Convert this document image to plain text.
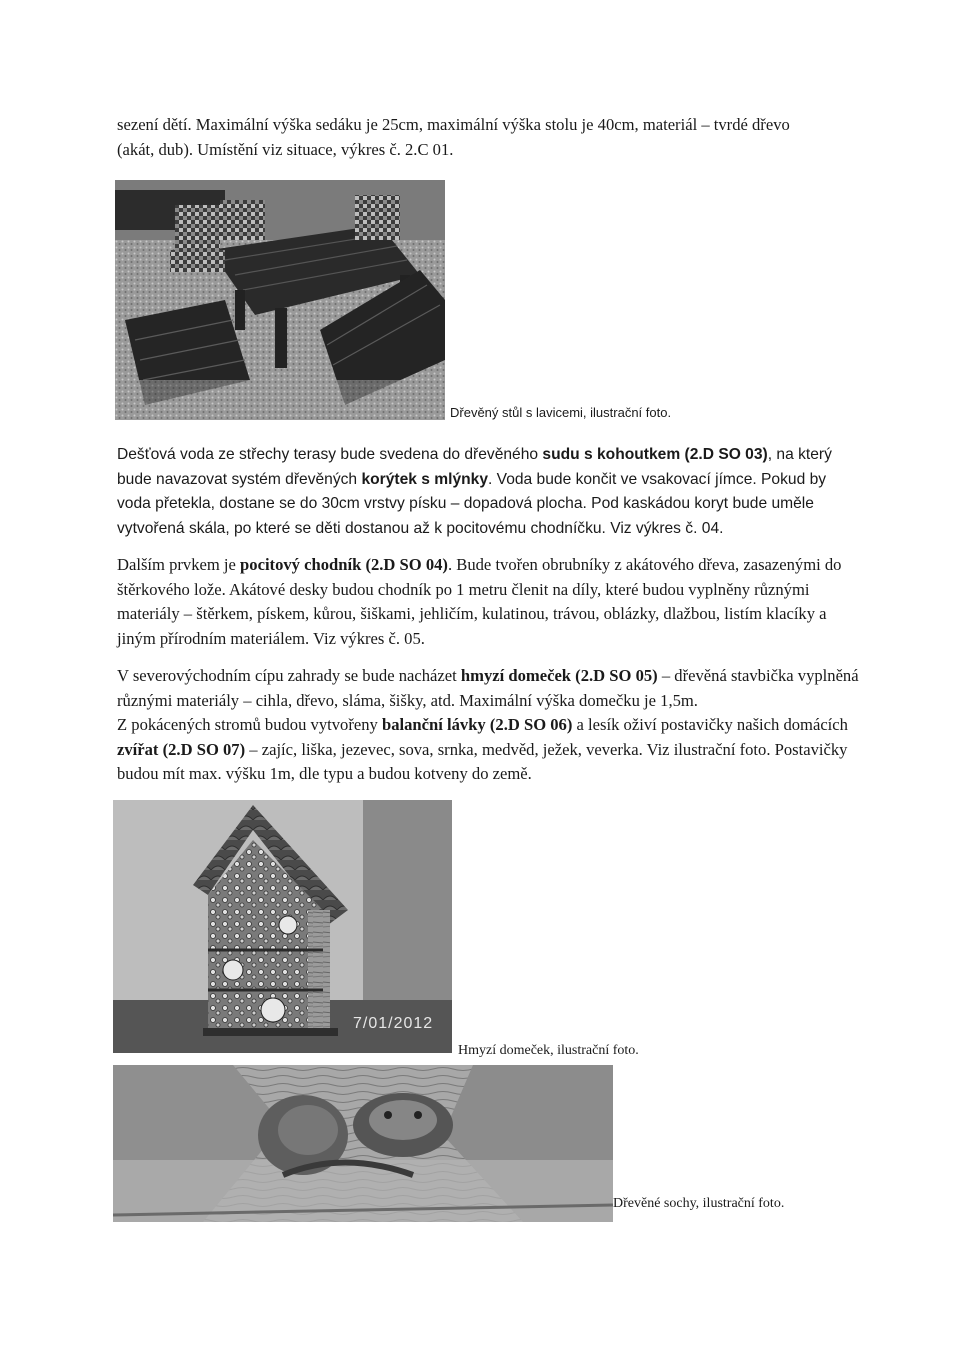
sezení dětí. Maximální výška sedáku je 25cm, maximální výška stolu je 40cm, materiál – tvrdé dřevo
(akát, dub). Umístění viz situace, výkres č. 2.C 01.
Dřevěný stůl s lavicemi, ilustrační foto.
Dešťová voda ze střechy terasy bude svedena do dřevěného sudu s kohoutkem (2.D SO 03), na který bude navazovat systém dřevěných korýtek s mlýnky. Voda bude končit ve vsakovací jímce. Pokud by voda přetekla, dostane se do 30cm vrstvy písku – dopadová plocha. Pod kaskádou koryt bude uměle vytvořená skála, po které se děti dostanou až k pocitovému chodníčku. Viz výkres č. 04.
Dalším prvkem je pocitový chodník (2.D SO 04). Bude tvořen obrubníky z akátového dřeva, zasazenými do štěrkového lože. Akátové desky budou chodník po 1 metru členit na díly, které budou vyplněny různými materiály – štěrkem, pískem, kůrou, šiškami, jehličím, kulatinou, trávou, oblázky, dlažbou, listím klacíky a jiným přírodním materiálem. Viz výkres č. 05.
V severovýchodním cípu zahrady se bude nacházet hmyzí domeček (2.D SO 05) – dřevěná stavbička vyplněná různými materiály – cihla, dřevo, sláma, šišky, atd. Maximální výška domečku je 1,5m.
Z pokácených stromů budou vytvořeny balanční lávky (2.D SO 06) a lesík oživí postavičky našich domácích zvířat (2.D SO 07) – zajíc, liška, jezevec, sova, srnka, medvěd, ježek, veverka. Viz ilustrační foto. Postavičky budou mít max. výšku 1m, dle typu a budou kotveny do země.
7/01/2012
Hmyzí domeček, ilustrační foto.
Dřevěné sochy, ilustrační foto.
